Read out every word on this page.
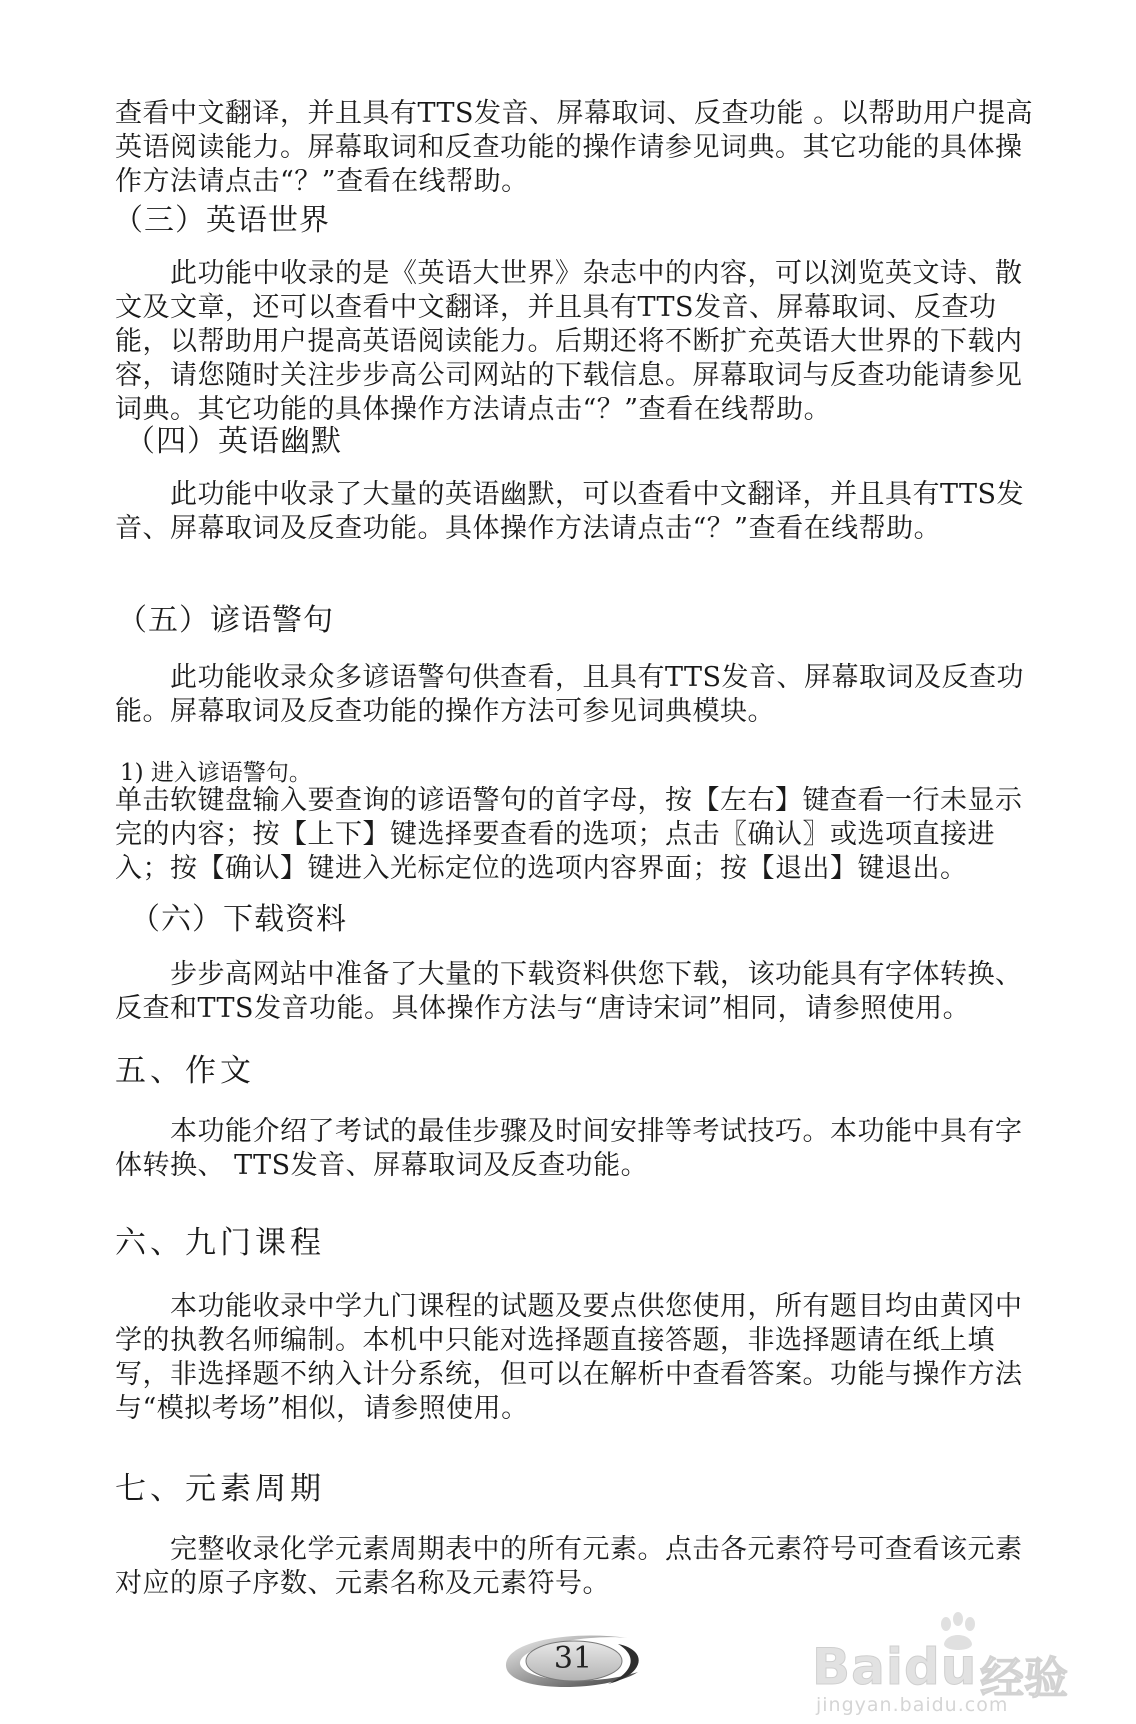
查看中文翻译，并且具有TTS发音、屏幕取词、反查功能 。以帮助用户提高英语阅读能力。屏幕取词和反查功能的操作请参见词典。其它功能的具体操作方法请点击“？”查看在线帮助。

（三）英语世界

此功能中收录的是《英语大世界》杂志中的内容，可以浏览英文诗、散文及文章，还可以查看中文翻译，并且具有TTS发音、屏幕取词、反查功能，以帮助用户提高英语阅读能力。后期还将不断扩充英语大世界的下载内容，请您随时关注步步高公司网站的下载信息。屏幕取词与反查功能请参见词典。其它功能的具体操作方法请点击“？”查看在线帮助。

（四）英语幽默

此功能中收录了大量的英语幽默，可以查看中文翻译，并且具有TTS发音、屏幕取词及反查功能。具体操作方法请点击“？”查看在线帮助。

（五）谚语警句

此功能收录众多谚语警句供查看，且具有TTS发音、屏幕取词及反查功能。屏幕取词及反查功能的操作方法可参见词典模块。

1) 进入谚语警句。

单击软键盘输入要查询的谚语警句的首字母，按【左右】键查看一行未显示完的内容；按【上下】键选择要查看的选项；点击〖确认〗或选项直接进入；按【确认】键进入光标定位的选项内容界面；按【退出】键退出。

（六）下载资料

步步高网站中准备了大量的下载资料供您下载，该功能具有字体转换、反查和TTS发音功能。具体操作方法与“唐诗宋词”相同，请参照使用。

五、作文

本功能介绍了考试的最佳步骤及时间安排等考试技巧。本功能中具有字体转换、 TTS发音、屏幕取词及反查功能。

六、九门课程

本功能收录中学九门课程的试题及要点供您使用，所有题目均由黄冈中学的执教名师编制。本机中只能对选择题直接答题，非选择题请在纸上填写，非选择题不纳入计分系统，但可以在解析中查看答案。功能与操作方法与“模拟考场”相似，请参照使用。

七、元素周期

完整收录化学元素周期表中的所有元素。点击各元素符号可查看该元素对应的原子序数、元素名称及元素符号。

31	Baidu 经验
jingyan.baidu.com
